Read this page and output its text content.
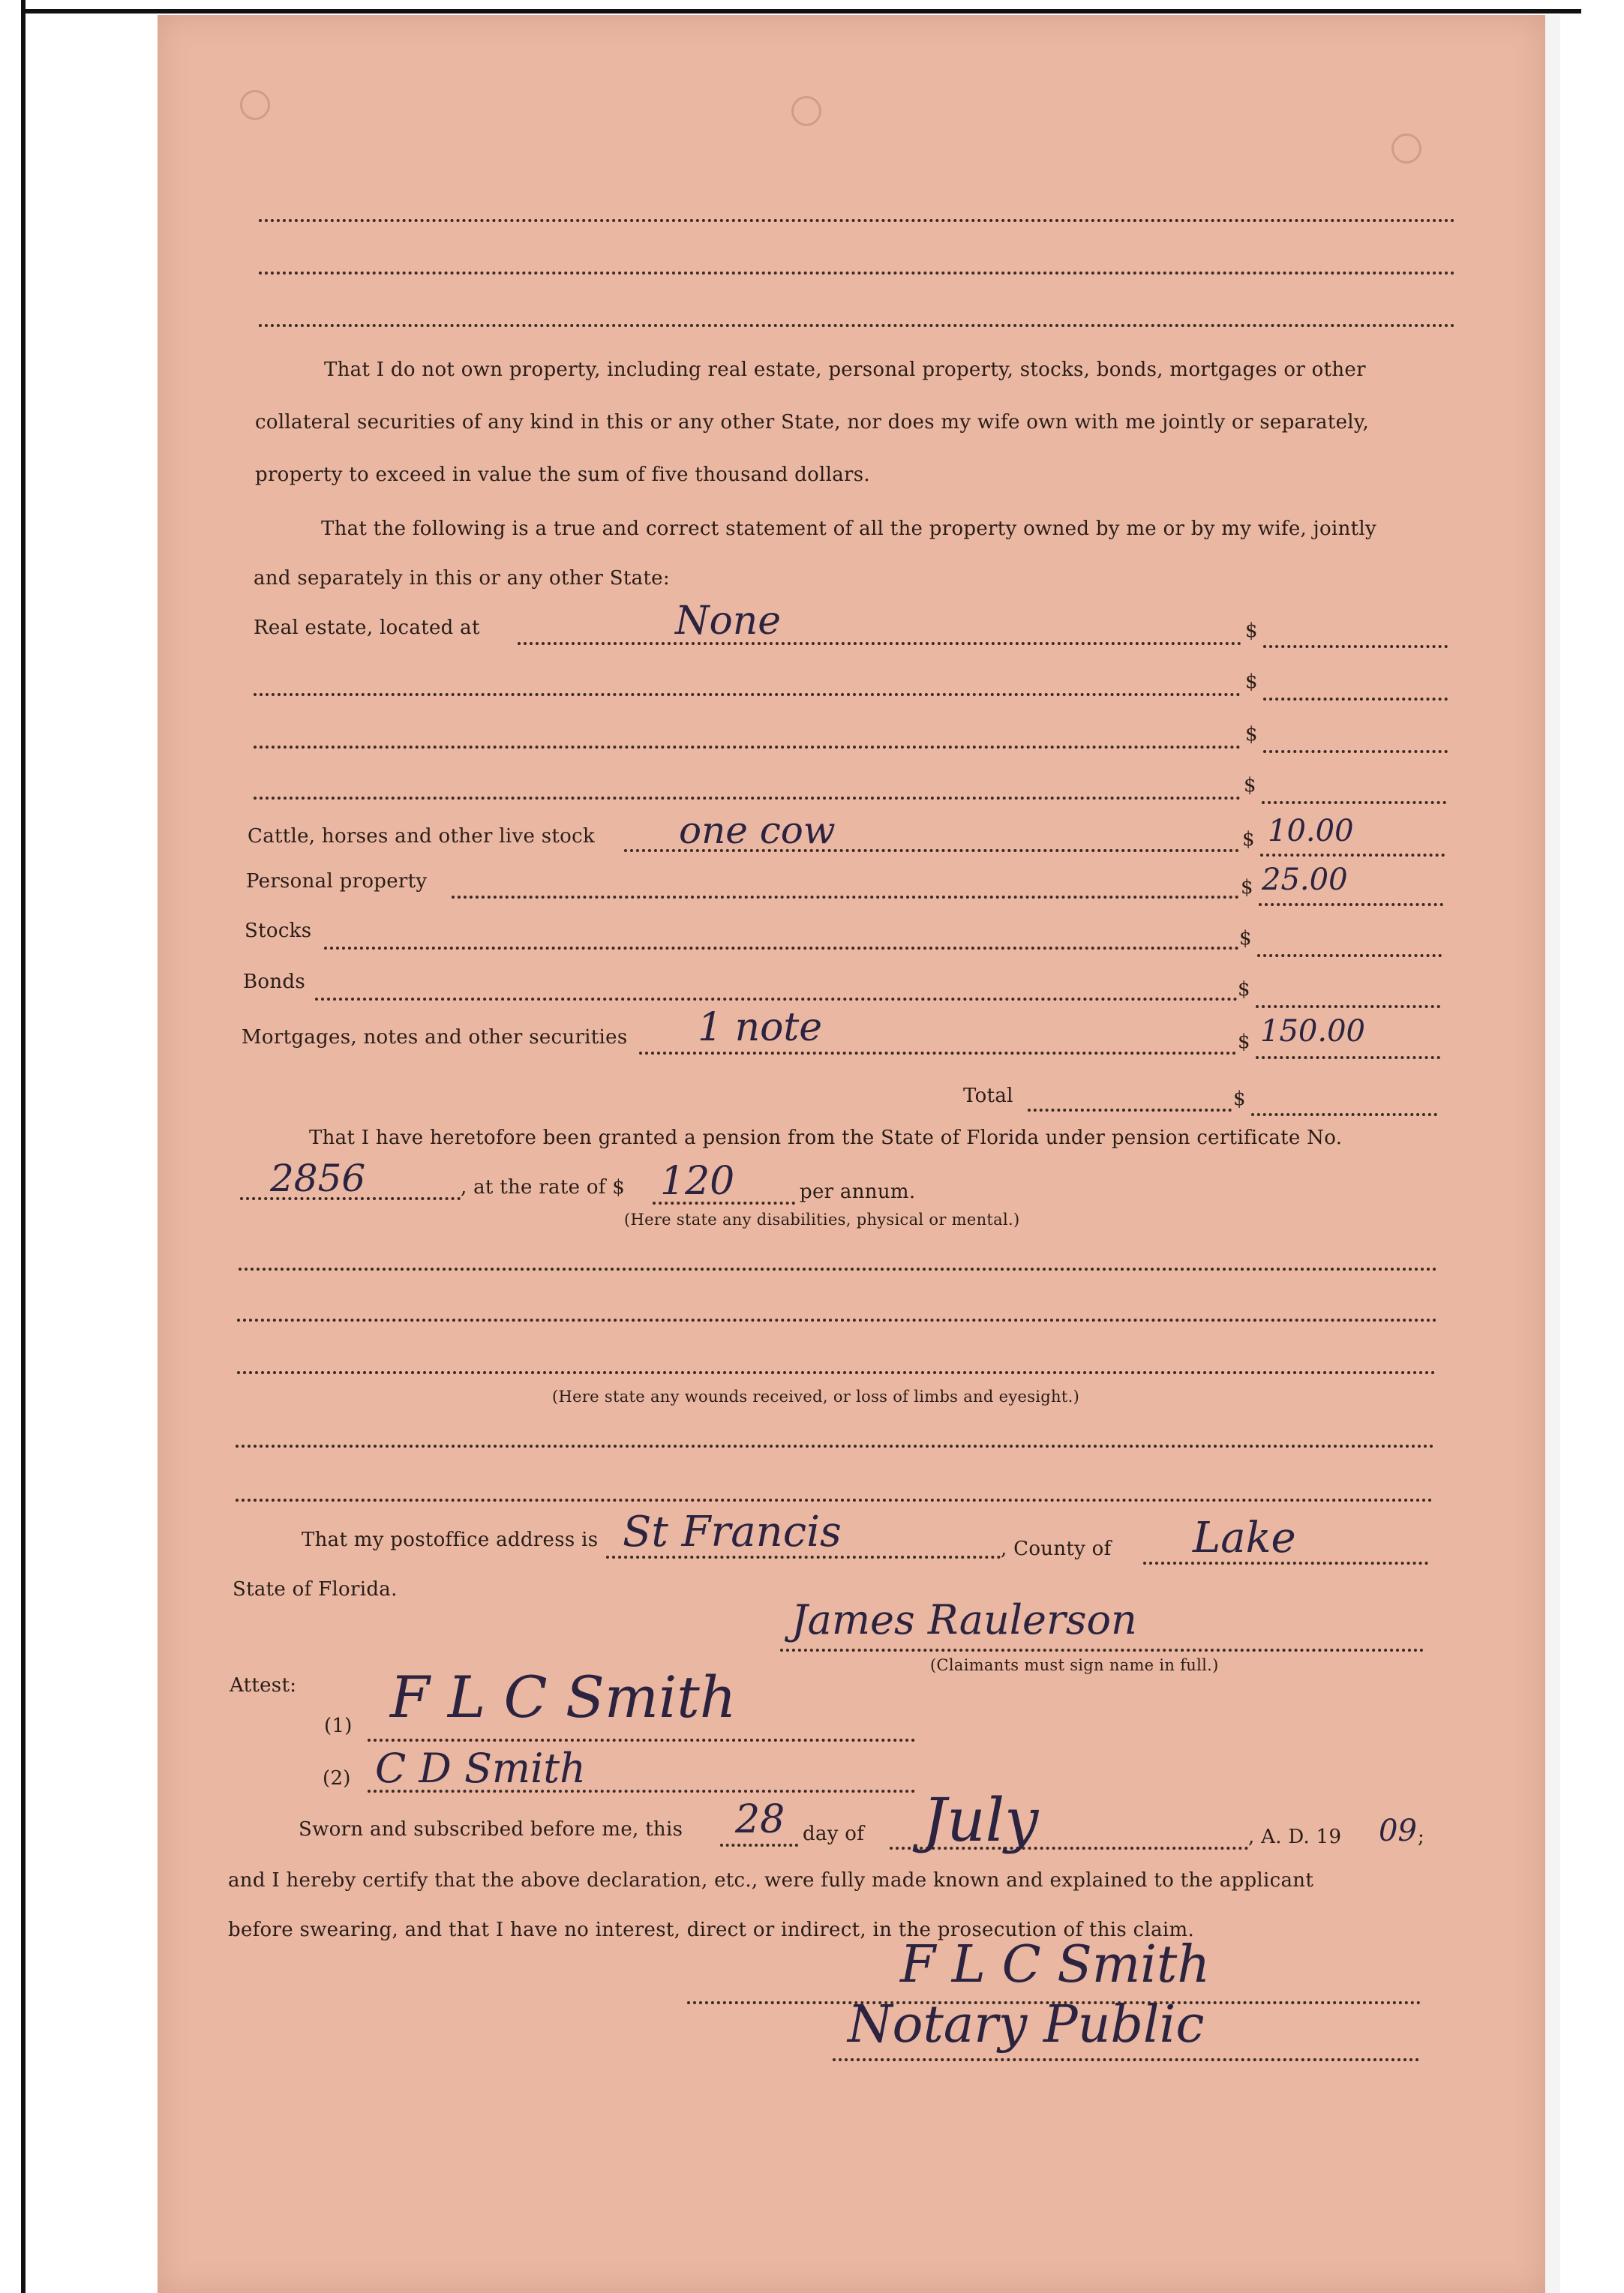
That I do not own property, including real estate, personal property, stocks, bonds, mortgages or other
collateral securities of any kind in this or any other State, nor does my wife own with me jointly or separately,
property to exceed in value the sum of five thousand dollars.
That the following is a true and correct statement of all the property owned by me or by my wife, jointly
and separately in this or any other State:
Real estate, located at	None	$
$
$
$
Cattle, horses and other live stock one cow	$ 10.00
Personal property	$ 25.00
Stocks	$
Bonds	$
Mortgages, notes and other securities 1 note	$ 150.00
Total	$
That I have heretofore been granted a pension from the State of Florida under pension certificate No.
2856	, at the rate of $ 120	per annum.
(Here state any disabilities, physical or mental.)
(Here state any wounds received, or loss of limbs and eyesight.)
That my postoffice address is St Francis	, County of Lake
State of Florida.
James Raulerson
(Claimants must sign name in full.)
Attest:
(1) F L C Smith
(2) C D Smith
Sworn and subscribed before me, this 28 day of July	, A. D. 19 09 ;
and I hereby certify that the above declaration, etc., were fully made known and explained to the applicant
before swearing, and that I have no interest, direct or indirect, in the prosecution of this claim.
F L C Smith
Notary Public
